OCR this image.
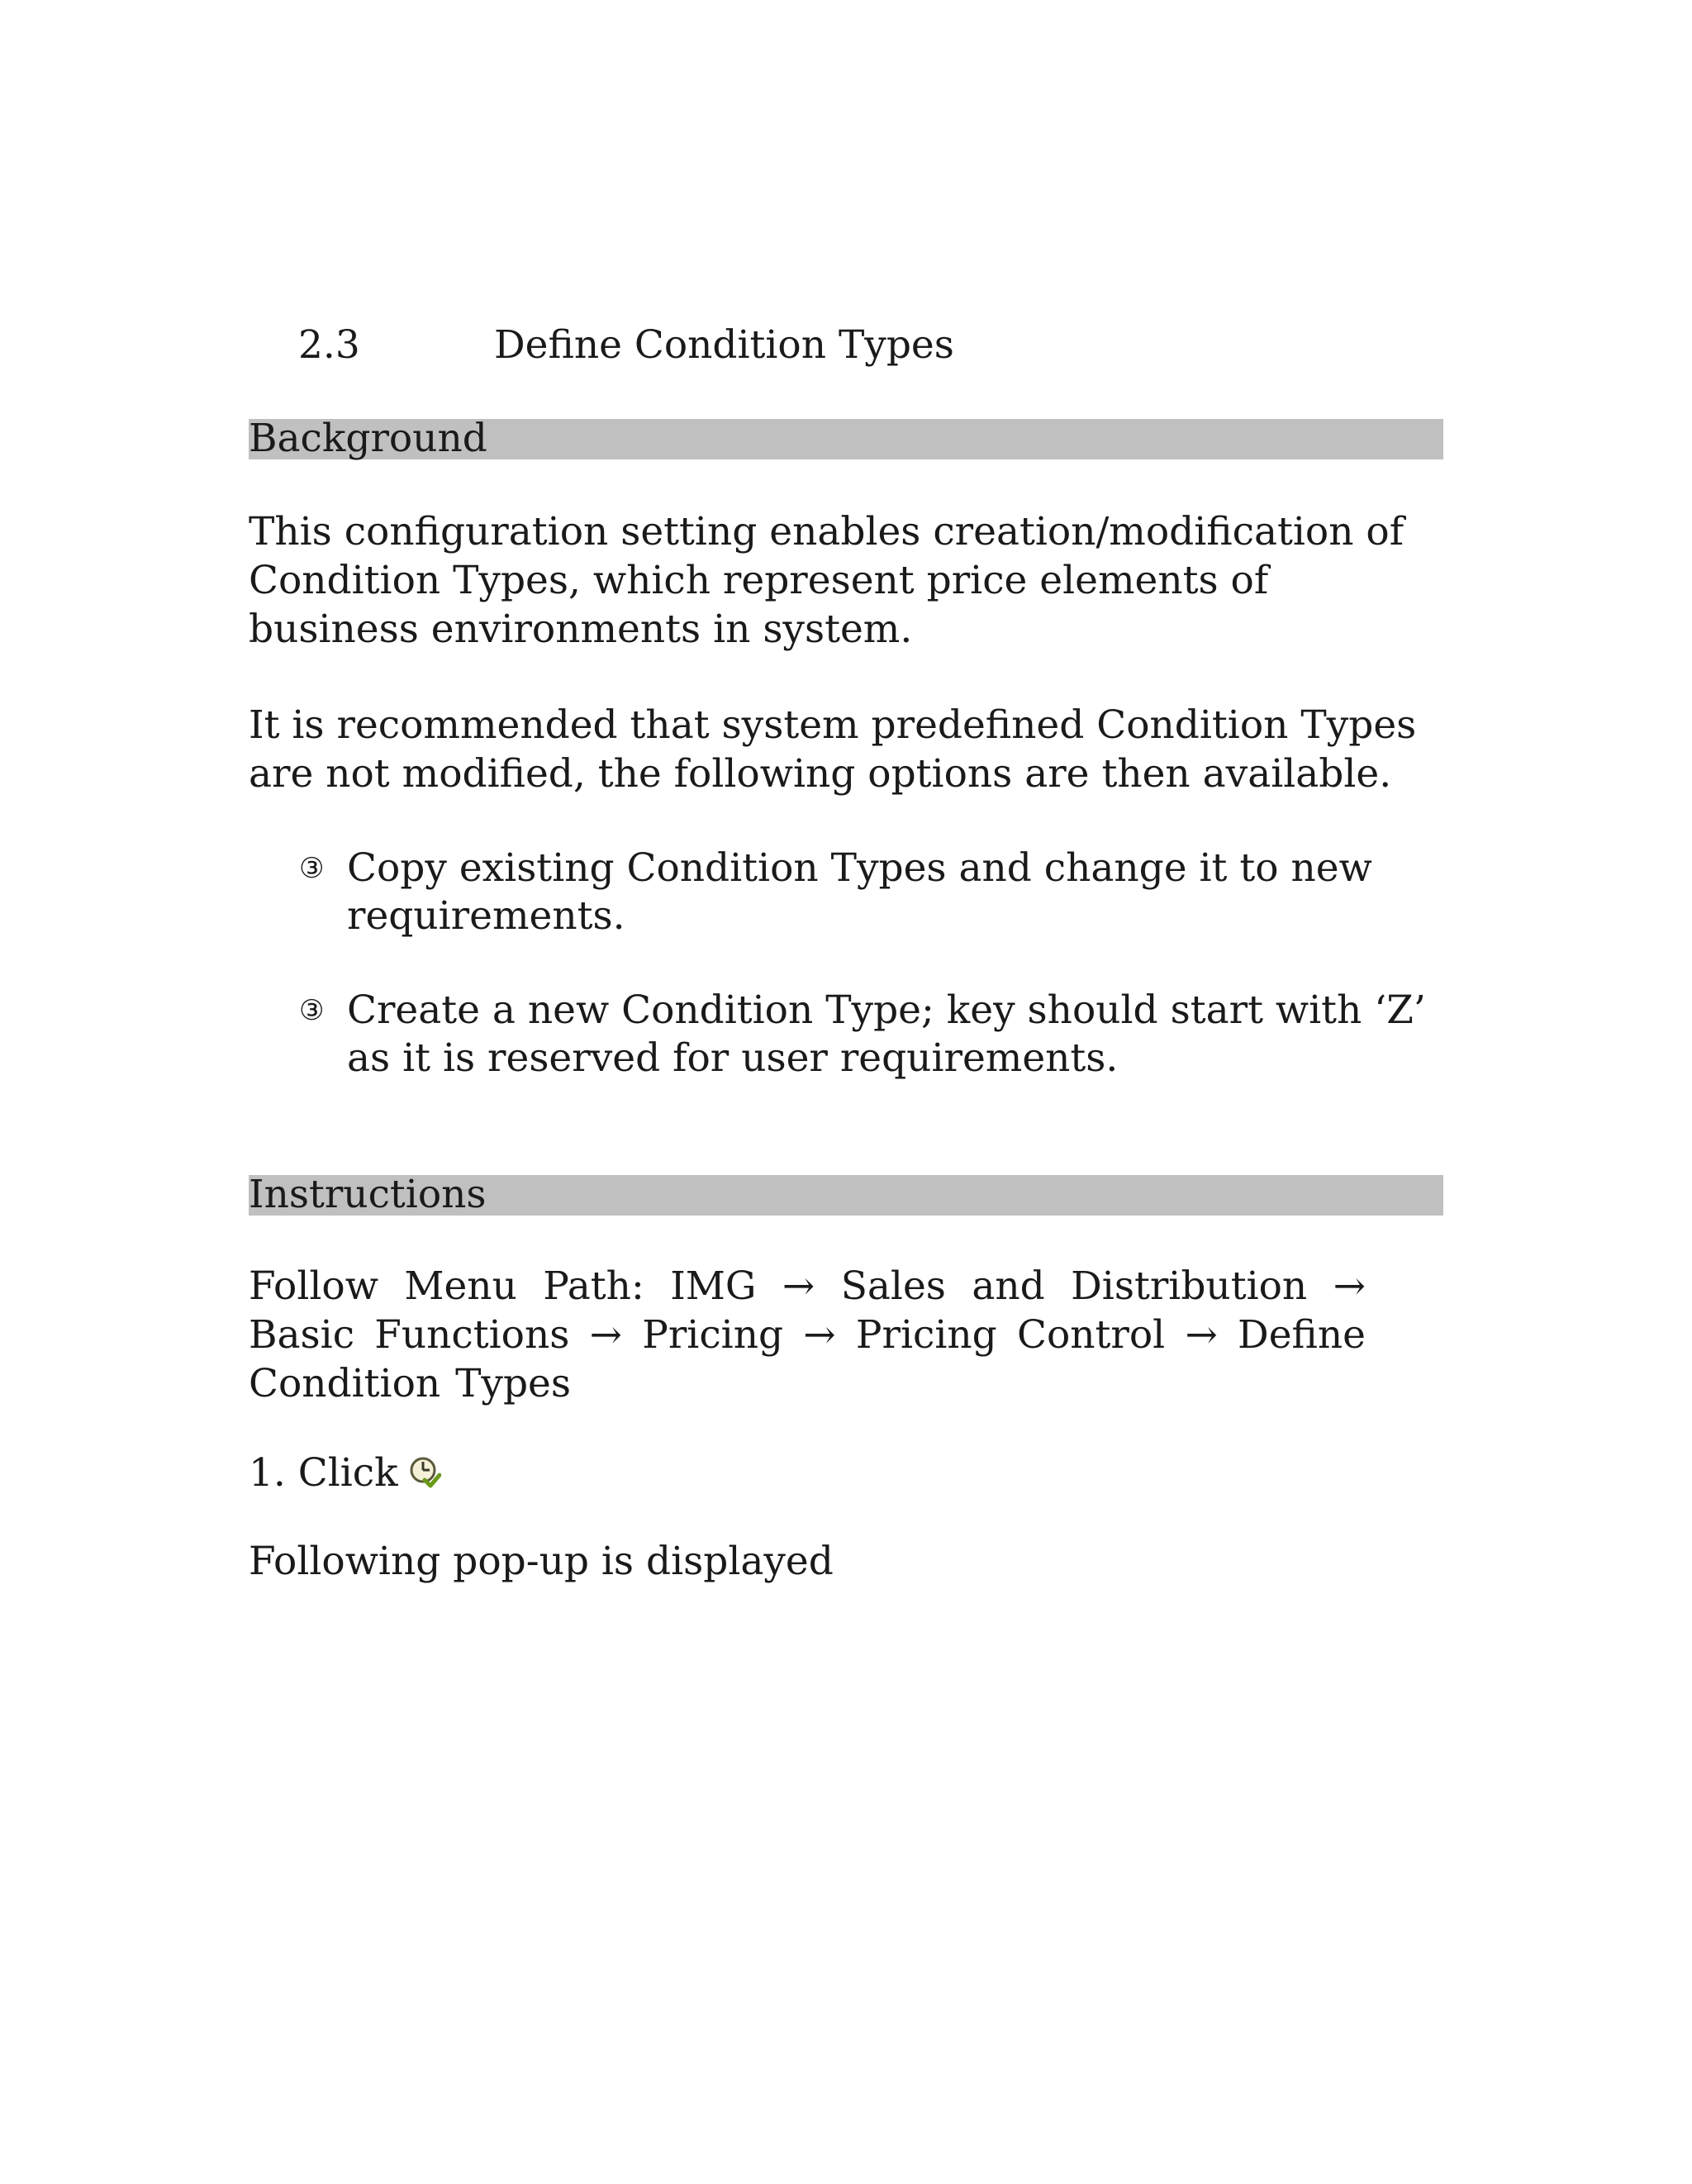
2.3	Define Condition Types
Background

This configuration setting enables creation/modification of Condition Types, which represent price elements of business environments in system.

It is recommended that system predefined Condition Types are not modified, the following options are then available.

③ Copy existing Condition Types and change it to new requirements.
③ Create a new Condition Type; key should start with ‘Z’ as it is reserved for user requirements.
Instructions
Follow Menu Path: IMG → Sales and Distribution → Basic Functions → Pricing → Pricing Control → Define Condition Types
1. Click
Following pop-up is displayed
